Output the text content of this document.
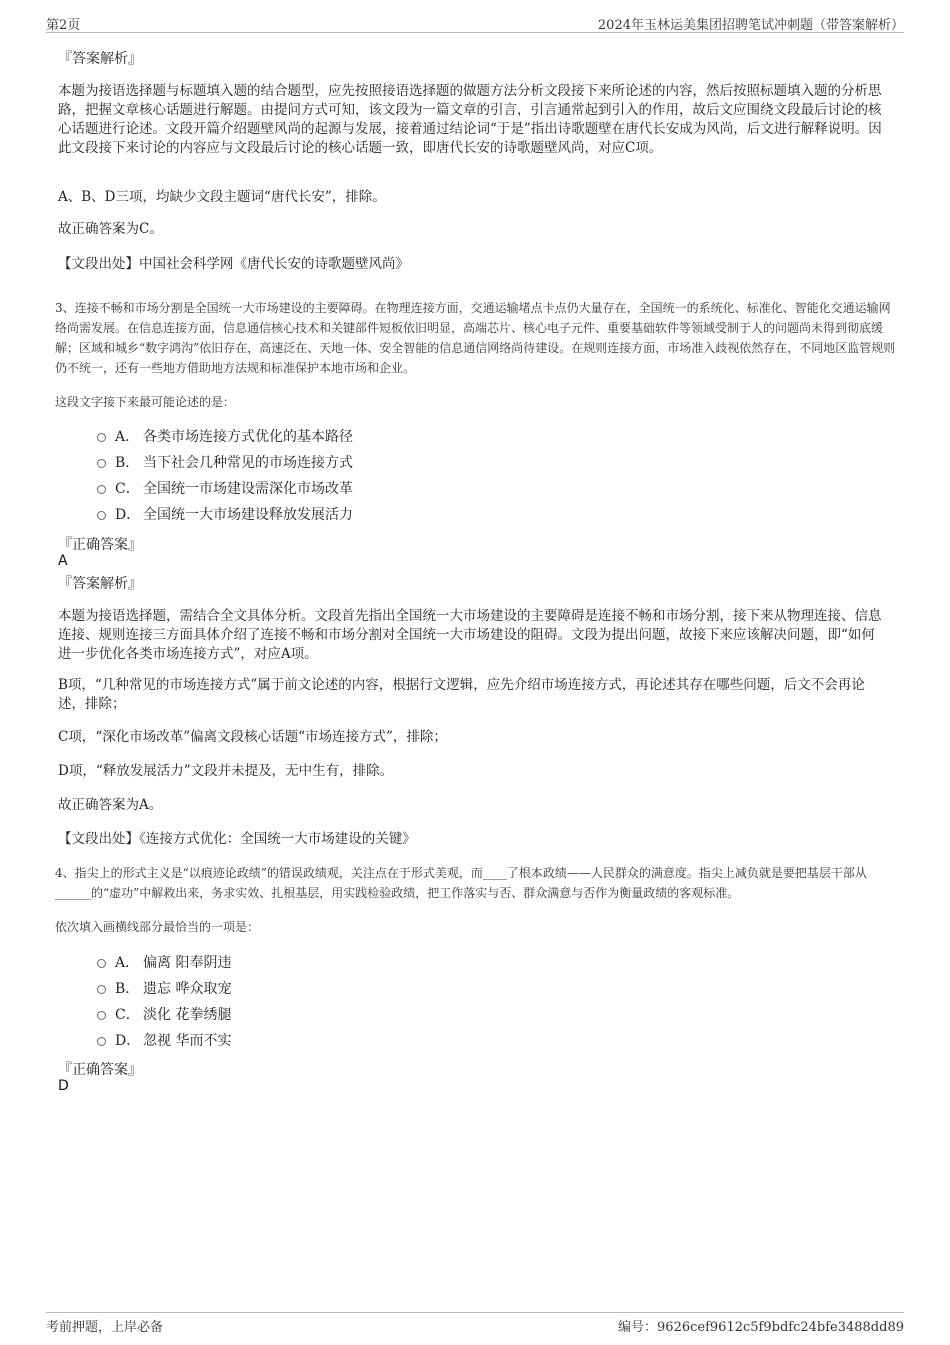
第2页	2024年玉林运美集团招聘笔试冲刺题（带答案解析）
『答案解析』

本题为接语选择题与标题填入题的结合题型，应先按照接语选择题的做题方法分析文段接下来所论述的内容，然后按照标题填入题的分析思路，把握文章核心话题进行解题。由提问方式可知，该文段为一篇文章的引言，引言通常起到引入的作用，故后文应围绕文段最后讨论的核心话题进行论述。文段开篇介绍题壁风尚的起源与发展，接着通过结论词“于是”指出诗歌题壁在唐代长安成为风尚，后文进行解释说明。因此文段接下来讨论的内容应与文段最后讨论的核心话题一致，即唐代长安的诗歌题壁风尚，对应C项。

A、B、D三项，均缺少文段主题词“唐代长安”，排除。

故正确答案为C。

【文段出处】中国社会科学网《唐代长安的诗歌题壁风尚》

3、连接不畅和市场分割是全国统一大市场建设的主要障碍。在物理连接方面，交通运输堵点卡点仍大量存在，全国统一的系统化、标准化、智能化交通运输网络尚需发展。在信息连接方面，信息通信核心技术和关键部件短板依旧明显，高端芯片、核心电子元件、重要基础软件等领域受制于人的问题尚未得到彻底缓解；区域和城乡“数字鸿沟”依旧存在，高速泛在、天地一体、安全智能的信息通信网络尚待建设。在规则连接方面，市场准入歧视依然存在，不同地区监管规则仍不统一，还有一些地方借助地方法规和标准保护本地市场和企业。

这段文字接下来最可能论述的是：

A． 各类市场连接方式优化的基本路径
B． 当下社会几种常见的市场连接方式
C． 全国统一市场建设需深化市场改革
D． 全国统一大市场建设释放发展活力
『正确答案』
A
『答案解析』

本题为接语选择题，需结合全文具体分析。文段首先指出全国统一大市场建设的主要障碍是连接不畅和市场分割，接下来从物理连接、信息连接、规则连接三方面具体介绍了连接不畅和市场分割对全国统一大市场建设的阻碍。文段为提出问题，故接下来应该解决问题，即“如何进一步优化各类市场连接方式”，对应A项。

B项，“几种常见的市场连接方式”属于前文论述的内容，根据行文逻辑，应先介绍市场连接方式，再论述其存在哪些问题，后文不会再论述，排除；

C项，“深化市场改革”偏离文段核心话题“市场连接方式”，排除；

D项，“释放发展活力”文段并未提及，无中生有，排除。

故正确答案为A。

【文段出处】《连接方式优化：全国统一大市场建设的关键》

4、指尖上的形式主义是“以痕迹论政绩”的错误政绩观，关注点在于形式美观，而____了根本政绩——人民群众的满意度。指尖上减负就是要把基层干部从______的“虚功”中解救出来，务求实效、扎根基层，用实践检验政绩，把工作落实与否、群众满意与否作为衡量政绩的客观标准。

依次填入画横线部分最恰当的一项是：

A． 偏离 阳奉阴违
B． 遗忘 哗众取宠
C． 淡化 花拳绣腿
D． 忽视 华而不实
『正确答案』
D
考前押题，上岸必备	编号：9626cef9612c5f9bdfc24bfe3488dd89
